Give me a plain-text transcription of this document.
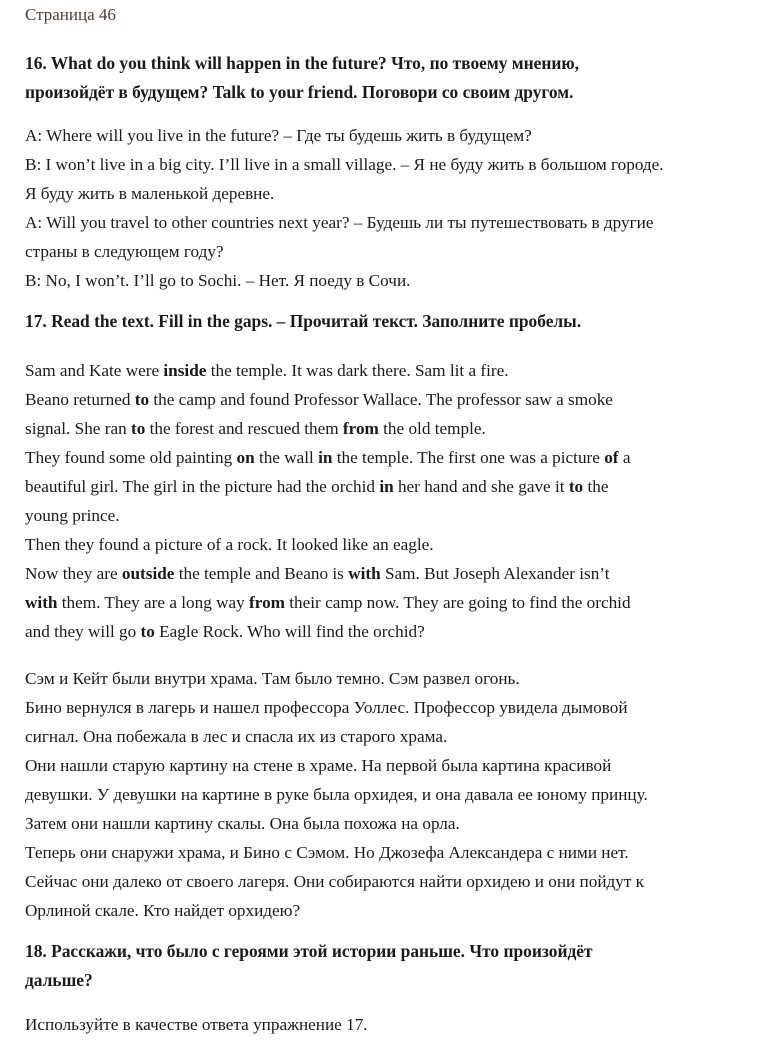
Страница 46

16. What do you think will happen in the future? Что, по твоему мнению,

произойдёт в будущем? Talk to your friend. Поговори со своим другом.

A: Where will you live in the future? – Где ты будешь жить в будущем?

B: I won’t live in a big city. I’ll live in a small village. – Я не буду жить в большом городе.

Я буду жить в маленькой деревне.

A: Will you travel to other countries next year? – Будешь ли ты путешествовать в другие

страны в следующем году?

B: No, I won’t. I’ll go to Sochi. – Нет. Я поеду в Сочи.

17. Read the text. Fill in the gaps. – Прочитай текст. Заполните пробелы.

Sam and Kate were inside the temple. It was dark there. Sam lit a fire.

Beano returned to the camp and found Professor Wallace. The professor saw a smoke

signal. She ran to the forest and rescued them from the old temple.

They found some old painting on the wall in the temple. The first one was a picture of a

beautiful girl. The girl in the picture had the orchid in her hand and she gave it to the

young prince.

Then they found a picture of a rock. It looked like an eagle.

Now they are outside the temple and Beano is with Sam. But Joseph Alexander isn’t

with them. They are a long way from their camp now. They are going to find the orchid

and they will go to Eagle Rock. Who will find the orchid?

Сэм и Кейт были внутри храма. Там было темно. Сэм развел огонь.

Бино вернулся в лагерь и нашел профессора Уоллес. Профессор увидела дымовой

сигнал. Она побежала в лес и спасла их из старого храма.

Они нашли старую картину на стене в храме. На первой была картина красивой

девушки. У девушки на картине в руке была орхидея, и она давала ее юному принцу.

Затем они нашли картину скалы. Она была похожа на орла.

Теперь они снаружи храма, и Бино с Сэмом. Но Джозефа Александера с ними нет.

Сейчас они далеко от своего лагеря. Они собираются найти орхидею и они пойдут к

Орлиной скале. Кто найдет орхидею?

18. Расскажи, что было с героями этой истории раньше. Что произойдёт

дальше?

Используйте в качестве ответа упражнение 17.
